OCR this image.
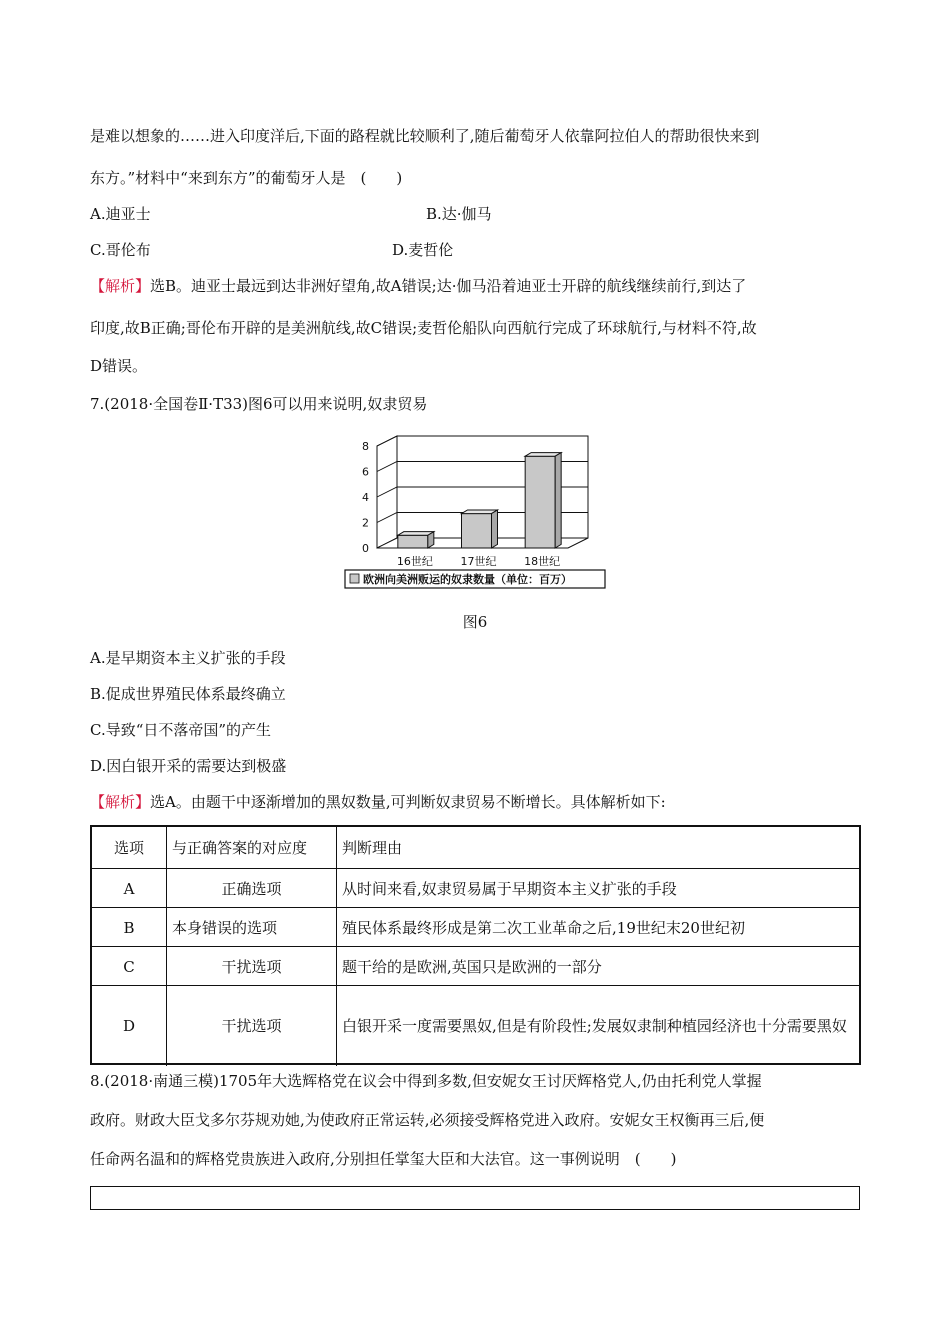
是难以想象的……进入印度洋后,下面的路程就比较顺利了,随后葡萄牙人依靠阿拉伯人的帮助很快来到
东方。”材料中“来到东方”的葡萄牙人是　(　　)
A.迪亚士	B.达·伽马
C.哥伦布	D.麦哲伦
【解析】选B。迪亚士最远到达非洲好望角,故A错误;达·伽马沿着迪亚士开辟的航线继续前行,到达了
印度,故B正确;哥伦布开辟的是美洲航线,故C错误;麦哲伦船队向西航行完成了环球航行,与材料不符,故
D错误。
7.(2018·全国卷Ⅱ·T33)图6可以用来说明,奴隶贸易
0
2
4
6
8
16世纪	17世纪	18世纪
欧洲向美洲贩运的奴隶数量（单位：百万）
图6
A.是早期资本主义扩张的手段
B.促成世界殖民体系最终确立
C.导致“日不落帝国”的产生
D.因白银开采的需要达到极盛
【解析】选A。由题干中逐渐增加的黑奴数量,可判断奴隶贸易不断增长。具体解析如下:
选项	与正确答案的对应度	判断理由
A	正确选项	从时间来看,奴隶贸易属于早期资本主义扩张的手段
B	本身错误的选项	殖民体系最终形成是第二次工业革命之后,19世纪末20世纪初
C	干扰选项	题干给的是欧洲,英国只是欧洲的一部分
D	干扰选项	白银开采一度需要黑奴,但是有阶段性;发展奴隶制种植园经济也十分需要黑奴
8.(2018·南通三模)1705年大选辉格党在议会中得到多数,但安妮女王讨厌辉格党人,仍由托利党人掌握
政府。财政大臣戈多尔芬规劝她,为使政府正常运转,必须接受辉格党进入政府。安妮女王权衡再三后,便
任命两名温和的辉格党贵族进入政府,分别担任掌玺大臣和大法官。这一事例说明　(　　)
